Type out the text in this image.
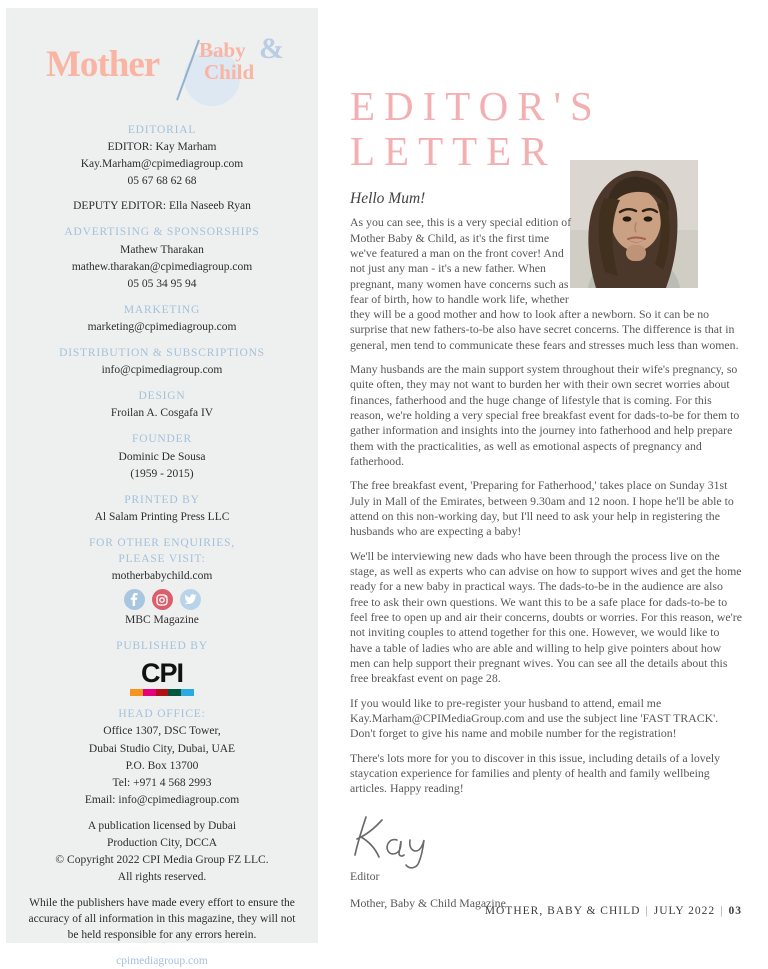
Mother Baby &
Child
EDITORIAL
EDITOR: Kay Marham
Kay.Marham@cpimediagroup.com
05 67 68 62 68
DEPUTY EDITOR: Ella Naseeb Ryan
ADVERTISING & SPONSORSHIPS
Mathew Tharakan
mathew.tharakan@cpimediagroup.com
05 05 34 95 94
MARKETING
marketing@cpimediagroup.com
DISTRIBUTION & SUBSCRIPTIONS
info@cpimediagroup.com
DESIGN
Froilan A. Cosgafa IV
FOUNDER
Dominic De Sousa
(1959 - 2015)
PRINTED BY
Al Salam Printing Press LLC
FOR OTHER ENQUIRIES,
PLEASE VISIT:
motherbabychild.com
MBC Magazine
PUBLISHED BY
CPI
HEAD OFFICE:
Office 1307, DSC Tower,
Dubai Studio City, Dubai, UAE
P.O. Box 13700
Tel: +971 4 568 2993
Email: info@cpimediagroup.com
A publication licensed by Dubai
Production City, DCCA
© Copyright 2022 CPI Media Group FZ LLC.
All rights reserved.
While the publishers have made every effort to ensure the accuracy of all information in this magazine, they will not be held responsible for any errors herein.
cpimediagroup.com
EDITOR'S
LETTER
Hello Mum!

As you can see, this is a very special edition of Mother Baby & Child, as it's the first time we've featured a man on the front cover! And not just any man - it's a new father. When pregnant, many women have concerns such as fear of birth, how to handle work life, whether they will be a good mother and how to look after a newborn. So it can be no surprise that new fathers-to-be also have secret concerns. The difference is that in general, men tend to communicate these fears and stresses much less than women.

Many husbands are the main support system throughout their wife's pregnancy, so quite often, they may not want to burden her with their own secret worries about finances, fatherhood and the huge change of lifestyle that is coming. For this reason, we're holding a very special free breakfast event for dads-to-be for them to gather information and insights into the journey into fatherhood and help prepare them with the practicalities, as well as emotional aspects of pregnancy and fatherhood.

The free breakfast event, 'Preparing for Fatherhood,' takes place on Sunday 31st July in Mall of the Emirates, between 9.30am and 12 noon. I hope he'll be able to attend on this non-working day, but I'll need to ask your help in registering the husbands who are expecting a baby!

We'll be interviewing new dads who have been through the process live on the stage, as well as experts who can advise on how to support wives and get the home ready for a new baby in practical ways. The dads-to-be in the audience are also free to ask their own questions. We want this to be a safe place for dads-to-be to feel free to open up and air their concerns, doubts or worries. For this reason, we're not inviting couples to attend together for this one. However, we would like to have a table of ladies who are able and willing to help give pointers about how men can help support their pregnant wives. You can see all the details about this free breakfast event on page 28.

If you would like to pre-register your husband to attend, email me Kay.Marham@CPIMediaGroup.com and use the subject line 'FAST TRACK'. Don't forget to give his name and mobile number for the registration!

There's lots more for you to discover in this issue, including details of a lovely staycation experience for families and plenty of health and family wellbeing articles. Happy reading!

Editor
Mother, Baby & Child Magazine
MOTHER, BABY & CHILD | JULY 2022 | 03
